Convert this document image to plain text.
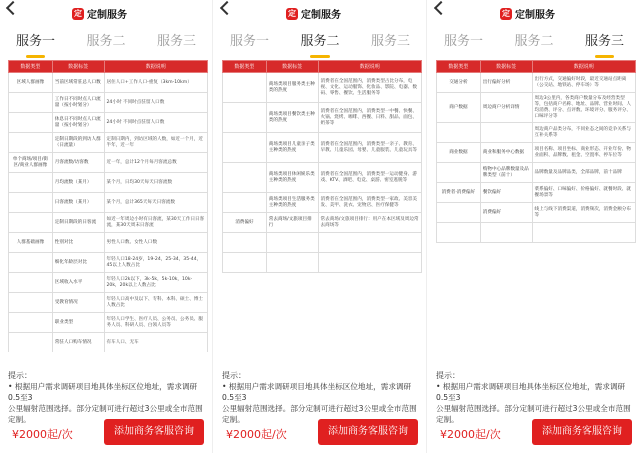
定 定制服务
服务一 服务二 服务三
数据类型	数据标签	数据说明
区域人群画像	当前区域常驻总人口数	居住人口+工作人口-重复（3km-10km）
	工作日不同时点人口流量（按小时划分）	24小时 不同时点驻留人口数
	休息日不同时点人口流量（按小时划分）	24小时 不同时点驻留人口数
	定制日期段的到访人群（日流量）	定制日期内，到访区域的人数，如近一个月，近半年，近一年
单个商场/项目/街区/商业人群画像	月客流数/访客数	近一年，总计12个月每月客流总数
	月均流数（某月）	某个月，日均30天每天日客流数
	日客流数（某月）	某个月，总计365天每天日客流数
	定制日期段的日客流	如近一年周边小时有日客流，某30天工作日日客流，某30天周末日客流
人群基础画像	性别对比	男性人口数、女性人口数
	细化年龄层对比	年轻人口18-24岁，19-24，25-34，35-44，45以上人数占比
	区域收入水平	年轻人口2k以下，3k-5k，5k-10k，10k-20k，20k以上人数占比
	受教育情况	年轻人口高中及以下、专科、本科、硕士、博士人数占比
	职业类型	年轻人口学生、医疗人员、公务员、公务员、服务人员、科研人员、白领人员等
	常驻人口购车情况	有车人口、无车
提示：
• 根据用户需求调研项目地具体坐标区位地址，需求调研0.5至3
公里辐射范围选择。部分定制可进行超过3公里或全市范围定制。
¥2000起/次	添加商务客服咨询
定 定制服务
服务一 服务二 服务三
数据类型	数据标签	数据说明
	商场类项目服务类主种类的热度	消费者在全国范围内，消费类型占比分布，电视、文化、运动服饰、化妆品、影院、电器、数码、零售、餐饮、生活服务等
	商场类项目餐饮类主种类的热度	消费者在全国范围内，消费类型一中餐、快餐、火锅、烧烤、咖啡、西餐、日料、甜品、面包、奶茶等
	商场类项目儿童亲子类主种类的热度	消费者在全国范围内，消费类型一亲子、教育、早教、儿童乐园、母婴、儿童服装、儿童玩具等
	商场类项目休闲娱乐类主种类的热度	消费者在全国范围内，消费类型一运动健身、游戏、KTV、酒吧、电竞、桌游、密室逃脱等
	商场类项目生活服务类主种类的热度	消费者在全国范围内，消费类型一家政、美容美发、美甲、洗衣、宠物店、医疗保健等
消费偏好	常去商场/文旅项目排行	常去商场/文旅项目排行：用户在本区域及周边常去商场等

提示：
• 根据用户需求调研项目地具体坐标区位地址，需求调研0.5至3
公里辐射范围选择。部分定制可进行超过3公里或全市范围定制。
¥2000起/次	添加商务客服咨询
定 定制服务
服务一 服务二 服务三
数据类型	数据标签	数据说明
交通分析	出行偏好分析	出行方式，交通偏好时段，最近交通站点距离（公交站、地铁站、停车场）等
商户数据	周边商户分析详情	周边3公里内，各类商户数量分布及经营类型等，包括商户名称、地址、品牌、营业时间、人均消费、评分、点评数、环境评分、服务评分、口味评分等
		周边商户品类分布，不同业态之间的竞争关系与互补关系等
商业数据	商业和服务中心数据	项目名称、项目坐标、商业形态、开业年份、物业面积、品牌数、租金、空置率、停车位等
	购物中心品牌数量及品牌类型（前十）	品牌数量及品牌品类，全部品牌，前十品牌
消费者·消费偏好	餐饮偏好	菜系偏好、口味偏好、价格偏好、就餐时段、就餐场景等
	消费偏好	线上与线下消费渠道，消费频次，消费金额分布等

提示：
• 根据用户需求调研项目地具体坐标区位地址，需求调研0.5至3
公里辐射范围选择。部分定制可进行超过3公里或全市范围定制。
¥2000起/次	添加商务客服咨询
